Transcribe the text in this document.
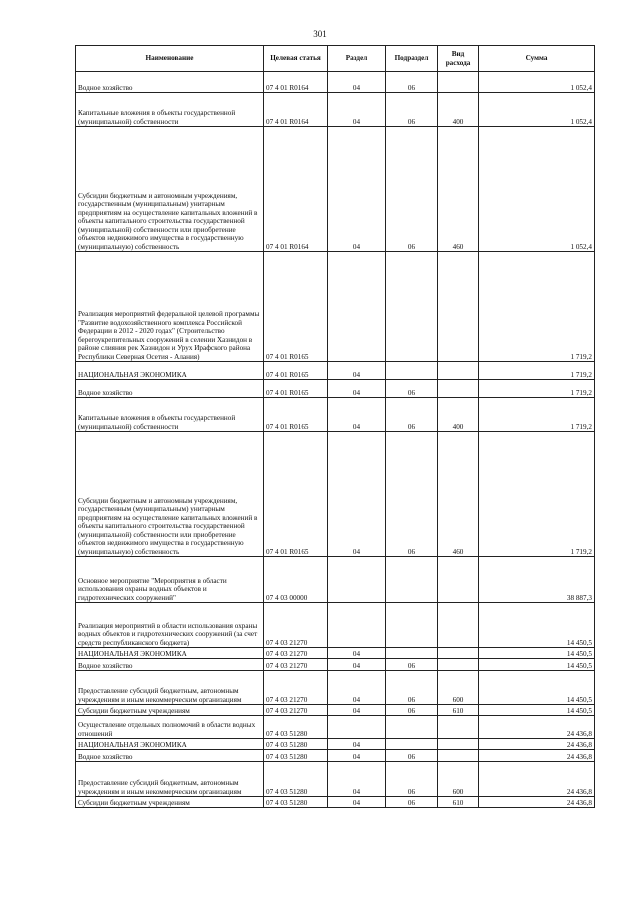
301
Наименование	Целевая статья	Раздел	Подраздел	Вид расхода	Сумма
Водное хозяйство	07 4 01 R0164	04	06		1 052,4
Капитальные вложения в объекты государственной (муниципальной) собственности	07 4 01 R0164	04	06	400	1 052,4
Субсидии бюджетным и автономным учреждениям, государственным (муниципальным) унитарным предприятиям на осуществление капитальных вложений в объекты капитального строительства государственной (муниципальной) собственности или приобретение объектов недвижимого имущества в государственную (муниципальную) собственность	07 4 01 R0164	04	06	460	1 052,4
Реализация мероприятий федеральной целевой программы "Развитие водохозяйственного комплекса Российской Федерации в 2012 - 2020 годах" (Строительство берегоукрепительных сооружений в селении Хазнидон в районе слияния рек Хазнидон и Урух Ирафского района Республики Северная Осетия - Алания)	07 4 01 R0165				1 719,2
НАЦИОНАЛЬНАЯ ЭКОНОМИКА	07 4 01 R0165	04			1 719,2
Водное хозяйство	07 4 01 R0165	04	06		1 719,2
Капитальные вложения в объекты государственной (муниципальной) собственности	07 4 01 R0165	04	06	400	1 719,2
Субсидии бюджетным и автономным учреждениям, государственным (муниципальным) унитарным предприятиям на осуществление капитальных вложений в объекты капитального строительства государственной (муниципальной) собственности или приобретение объектов недвижимого имущества в государственную (муниципальную) собственность	07 4 01 R0165	04	06	460	1 719,2
Основное мероприятие "Мероприятия в области использования охраны водных объектов и гидротехнических сооружений"	07 4 03 00000				38 887,3
Реализация мероприятий в области использования охраны водных объектов и гидротехнических сооружений (за счет средств республиканского бюджета)	07 4 03 21270				14 450,5
НАЦИОНАЛЬНАЯ ЭКОНОМИКА	07 4 03 21270	04			14 450,5
Водное хозяйство	07 4 03 21270	04	06		14 450,5
Предоставление субсидий бюджетным, автономным учреждениям и иным некоммерческим организациям	07 4 03 21270	04	06	600	14 450,5
Субсидии бюджетным учреждениям	07 4 03 21270	04	06	610	14 450,5
Осуществление отдельных полномочий в области водных отношений	07 4 03 51280				24 436,8
НАЦИОНАЛЬНАЯ ЭКОНОМИКА	07 4 03 51280	04			24 436,8
Водное хозяйство	07 4 03 51280	04	06		24 436,8
Предоставление субсидий бюджетным, автономным учреждениям и иным некоммерческим организациям	07 4 03 51280	04	06	600	24 436,8
Субсидии бюджетным учреждениям	07 4 03 51280	04	06	610	24 436,8
